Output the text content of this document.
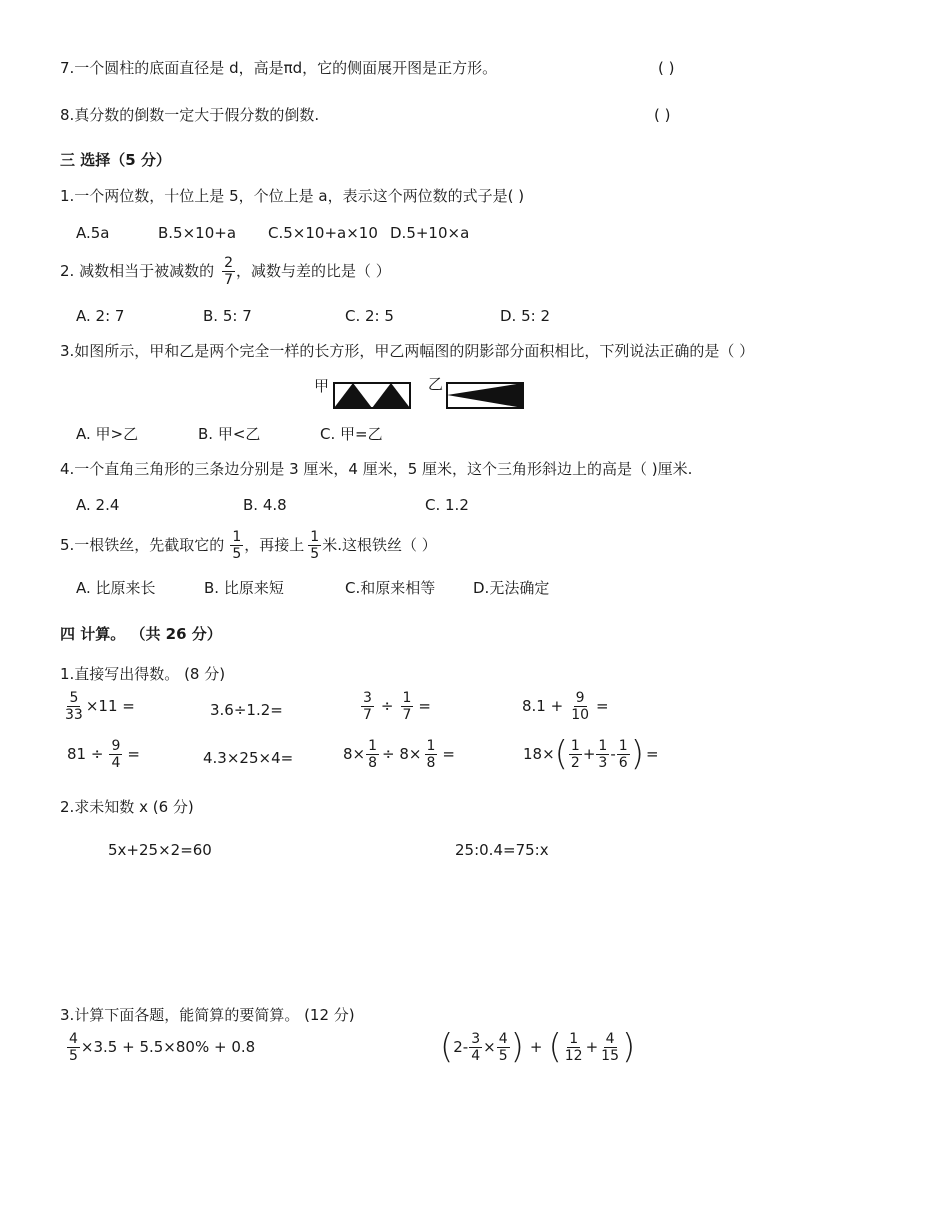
7.一个圆柱的底面直径是 d，高是πd，它的侧面展开图是正方形。	( )
8.真分数的倒数一定大于假分数的倒数.	( )
三 选择（5 分）
1.一个两位数，十位上是 5，个位上是 a，表示这个两位数的式子是( )
A.5a	B.5×10+a C.5×10+a×10 D.5+10×a
2. 减数相当于被减数的 $\frac{2}{7}$ ，减数与差的比是（ ）
A. 2: 7	B. 5: 7	C. 2: 5	D. 5: 2
3.如图所示，甲和乙是两个完全一样的长方形，甲乙两幅图的阴影部分面积相比，下列说法正确的是（ ）
甲	乙
A. 甲>乙	B. 甲<乙	C. 甲=乙
4.一个直角三角形的三条边分别是 3 厘米，4 厘米，5 厘米，这个三角形斜边上的高是（ )厘米.
A. 2.4	B. 4.8	C. 1.2
5.一根铁丝，先截取它的 $\frac{1}{5}$ ，再接上 $\frac{1}{5}$ 米.这根铁丝（ ）
A. 比原来长	B. 比原来短	C.和原来相等	D.无法确定
四 计算。 （共 26 分）
1.直接写出得数。 (8 分)
$\frac{5}{33} \times 11$ =	3.6÷1.2=	$\frac{3}{7} \div \frac{1}{7}$ =	$8.1 + \frac{9}{10}$ =
$81 \div \frac{9}{4}$ =	4.3×25×4=	$8\times \frac{1}{8} \div 8\times \frac{1}{8}$ =	18× ( $\frac{1}{2} + \frac{1}{3} - \frac{1}{6}$ ) =
2.求未知数 x (6 分)
5x+25×2=60	25:0.4=75:x
3.计算下面各题，能简算的要简算。 (12 分)
$\frac{4}{5} \times 3.5 + 5.5\times 80\% + 0.8$	( $2- \frac{3}{4} \times \frac{4}{5}$ ) + ( $\frac{1}{12} + \frac{4}{15}$ )
